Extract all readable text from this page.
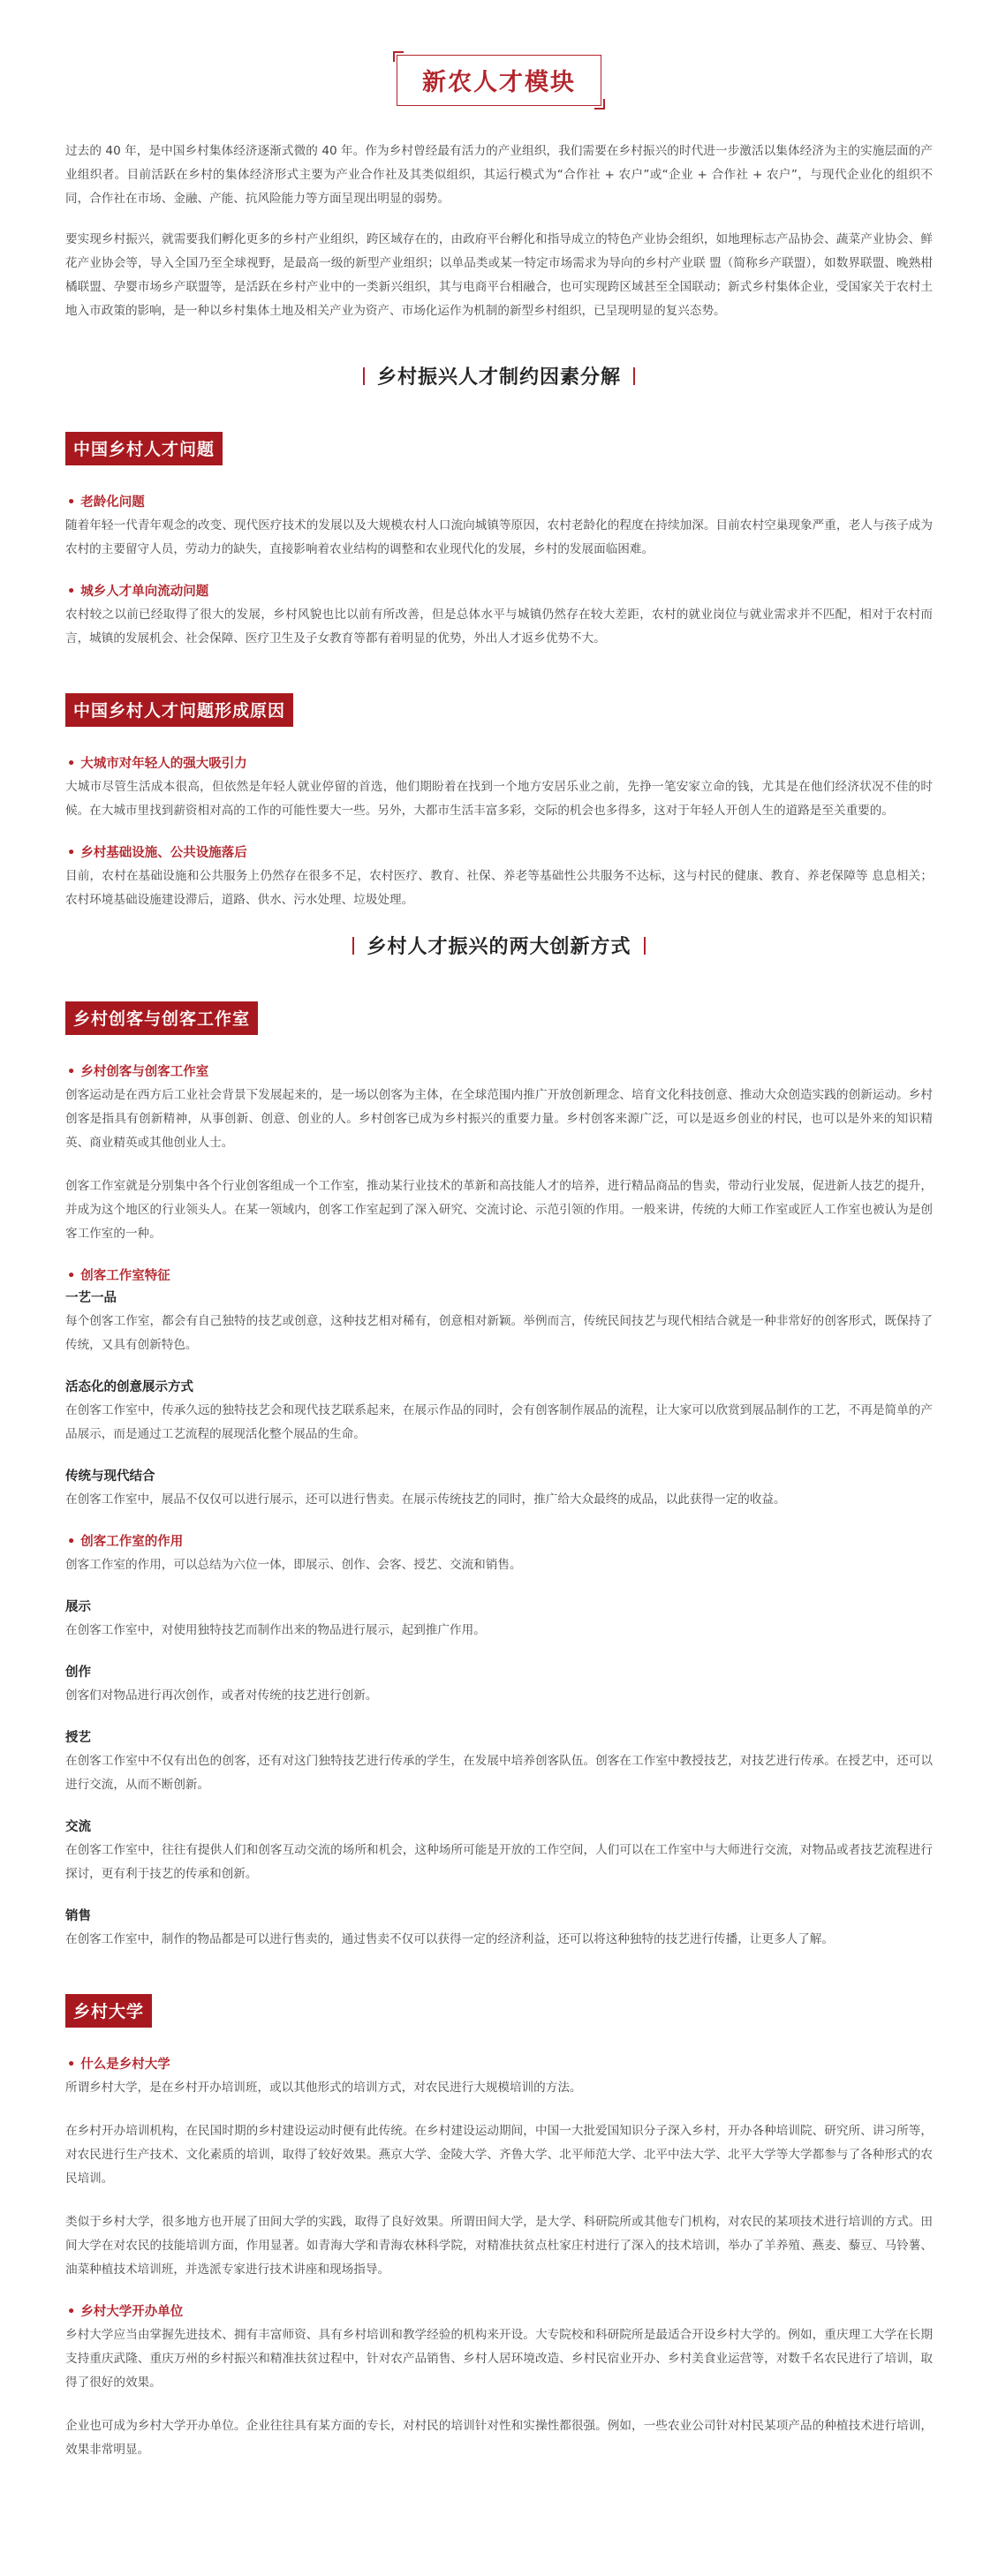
新农人才模块

过去的 40 年，是中国乡村集体经济逐渐式微的 40 年。作为乡村曾经最有活力的产业组织，我们需要在乡村振兴的时代进一步激活以集体经济为主的实施层面的产业组织者。目前活跃在乡村的集体经济形式主要为产业合作社及其类似组织，其运行模式为“合作社 + 农户”或“企业 + 合作社 + 农户”，与现代企业化的组织不同，合作社在市场、金融、产能、抗风险能力等方面呈现出明显的弱势。

要实现乡村振兴，就需要我们孵化更多的乡村产业组织，跨区域存在的，由政府平台孵化和指导成立的特色产业协会组织，如地理标志产品协会、蔬菜产业协会、鲜花产业协会等，导入全国乃至全球视野，是最高一级的新型产业组织；以单品类或某一特定市场需求为导向的乡村产业联 盟（简称乡产联盟），如数界联盟、晚熟柑橘联盟、孕婴市场乡产联盟等，是活跃在乡村产业中的一类新兴组织，其与电商平台相融合，也可实现跨区域甚至全国联动；新式乡村集体企业，受国家关于农村土地入市政策的影响，是一种以乡村集体土地及相关产业为资产、市场化运作为机制的新型乡村组织，已呈现明显的复兴态势。

乡村振兴人才制约因素分解
中国乡村人才问题
• 老龄化问题

随着年轻一代青年观念的改变、现代医疗技术的发展以及大规模农村人口流向城镇等原因，农村老龄化的程度在持续加深。目前农村空巢现象严重，老人与孩子成为农村的主要留守人员，劳动力的缺失，直接影响着农业结构的调整和农业现代化的发展，乡村的发展面临困难。

• 城乡人才单向流动问题

农村较之以前已经取得了很大的发展，乡村风貌也比以前有所改善，但是总体水平与城镇仍然存在较大差距，农村的就业岗位与就业需求并不匹配，相对于农村而言，城镇的发展机会、社会保障、医疗卫生及子女教育等都有着明显的优势，外出人才返乡优势不大。

中国乡村人才问题形成原因
• 大城市对年轻人的强大吸引力

大城市尽管生活成本很高，但依然是年轻人就业停留的首选，他们期盼着在找到一个地方安居乐业之前，先挣一笔安家立命的钱，尤其是在他们经济状况不佳的时候。在大城市里找到薪资相对高的工作的可能性要大一些。另外，大都市生活丰富多彩，交际的机会也多得多，这对于年轻人开创人生的道路是至关重要的。

• 乡村基础设施、公共设施落后

目前，农村在基础设施和公共服务上仍然存在很多不足，农村医疗、教育、社保、养老等基础性公共服务不达标，这与村民的健康、教育、养老保障等 息息相关；农村环境基础设施建设滞后，道路、供水、污水处理、垃圾处理。

乡村人才振兴的两大创新方式
乡村创客与创客工作室
• 乡村创客与创客工作室

创客运动是在西方后工业社会背景下发展起来的，是一场以创客为主体，在全球范围内推广开放创新理念、培育文化科技创意、推动大众创造实践的创新运动。乡村创客是指具有创新精神，从事创新、创意、创业的人。乡村创客已成为乡村振兴的重要力量。乡村创客来源广泛，可以是返乡创业的村民，也可以是外来的知识精英、商业精英或其他创业人士。

创客工作室就是分别集中各个行业创客组成一个工作室，推动某行业技术的革新和高技能人才的培养，进行精品商品的售卖，带动行业发展，促进新人技艺的提升，并成为这个地区的行业领头人。在某一领域内，创客工作室起到了深入研究、交流讨论、示范引领的作用。一般来讲，传统的大师工作室或匠人工作室也被认为是创客工作室的一种。

• 创客工作室特征
一艺一品

每个创客工作室，都会有自己独特的技艺或创意，这种技艺相对稀有，创意相对新颖。举例而言，传统民间技艺与现代相结合就是一种非常好的创客形式，既保持了传统，又具有创新特色。

活态化的创意展示方式

在创客工作室中，传承久远的独特技艺会和现代技艺联系起来，在展示作品的同时，会有创客制作展品的流程，让大家可以欣赏到展品制作的工艺，不再是简单的产品展示，而是通过工艺流程的展现活化整个展品的生命。

传统与现代结合

在创客工作室中，展品不仅仅可以进行展示，还可以进行售卖。在展示传统技艺的同时，推广给大众最终的成品，以此获得一定的收益。

• 创客工作室的作用

创客工作室的作用，可以总结为六位一体，即展示、创作、会客、授艺、交流和销售。

展示

在创客工作室中，对使用独特技艺而制作出来的物品进行展示，起到推广作用。

创作

创客们对物品进行再次创作，或者对传统的技艺进行创新。

授艺

在创客工作室中不仅有出色的创客，还有对这门独特技艺进行传承的学生，在发展中培养创客队伍。创客在工作室中教授技艺，对技艺进行传承。在授艺中，还可以进行交流，从而不断创新。

交流

在创客工作室中，往往有提供人们和创客互动交流的场所和机会，这种场所可能是开放的工作空间，人们可以在工作室中与大师进行交流，对物品或者技艺流程进行探讨，更有利于技艺的传承和创新。

销售

在创客工作室中，制作的物品都是可以进行售卖的，通过售卖不仅可以获得一定的经济利益，还可以将这种独特的技艺进行传播，让更多人了解。

乡村大学
• 什么是乡村大学

所谓乡村大学，是在乡村开办培训班，或以其他形式的培训方式，对农民进行大规模培训的方法。

在乡村开办培训机构，在民国时期的乡村建设运动时便有此传统。在乡村建设运动期间，中国一大批爱国知识分子深入乡村，开办各种培训院、研究所、讲习所等，对农民进行生产技术、文化素质的培训，取得了较好效果。燕京大学、金陵大学、齐鲁大学、北平师范大学、北平中法大学、北平大学等大学都参与了各种形式的农民培训。

类似于乡村大学，很多地方也开展了田间大学的实践，取得了良好效果。所谓田间大学，是大学、科研院所或其他专门机构，对农民的某项技术进行培训的方式。田间大学在对农民的技能培训方面，作用显著。如青海大学和青海农林科学院，对精准扶贫点杜家庄村进行了深入的技术培训，举办了羊养殖、燕麦、藜豆、马铃薯、油菜种植技术培训班，并选派专家进行技术讲座和现场指导。

• 乡村大学开办单位

乡村大学应当由掌握先进技术、拥有丰富师资、具有乡村培训和教学经验的机构来开设。大专院校和科研院所是最适合开设乡村大学的。例如，重庆理工大学在长期支持重庆武隆、重庆万州的乡村振兴和精准扶贫过程中，针对农产品销售、乡村人居环境改造、乡村民宿业开办、乡村美食业运营等，对数千名农民进行了培训，取得了很好的效果。

企业也可成为乡村大学开办单位。企业往往具有某方面的专长，对村民的培训针对性和实操性都很强。例如，一些农业公司针对村民某项产品的种植技术进行培训，效果非常明显。
